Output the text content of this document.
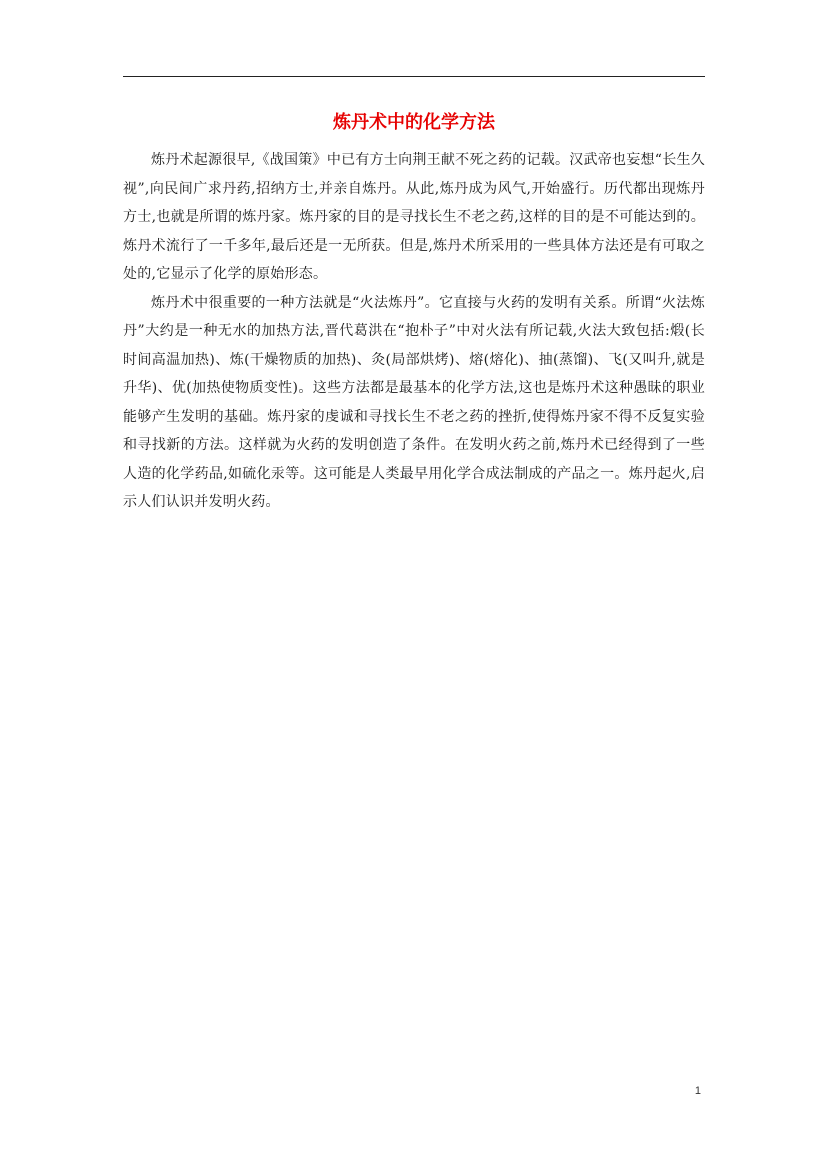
炼丹术中的化学方法

炼丹术起源很早,《战国策》中已有方士向荆王献不死之药的记载。汉武帝也妄想“长生久视”,向民间广求丹药,招纳方士,并亲自炼丹。从此,炼丹成为风气,开始盛行。历代都出现炼丹方士,也就是所谓的炼丹家。炼丹家的目的是寻找长生不老之药,这样的目的是不可能达到的。炼丹术流行了一千多年,最后还是一无所获。但是,炼丹术所采用的一些具体方法还是有可取之处的,它显示了化学的原始形态。

炼丹术中很重要的一种方法就是“火法炼丹”。它直接与火药的发明有关系。所谓“火法炼丹”大约是一种无水的加热方法,晋代葛洪在“抱朴子”中对火法有所记载,火法大致包括:煅(长时间高温加热)、炼(干燥物质的加热)、灸(局部烘烤)、熔(熔化)、抽(蒸馏)、飞(又叫升,就是升华)、优(加热使物质变性)。这些方法都是最基本的化学方法,这也是炼丹术这种愚昧的职业能够产生发明的基础。炼丹家的虔诚和寻找长生不老之药的挫折,使得炼丹家不得不反复实验和寻找新的方法。这样就为火药的发明创造了条件。在发明火药之前,炼丹术已经得到了一些人造的化学药品,如硫化汞等。这可能是人类最早用化学合成法制成的产品之一。炼丹起火,启示人们认识并发明火药。

1
